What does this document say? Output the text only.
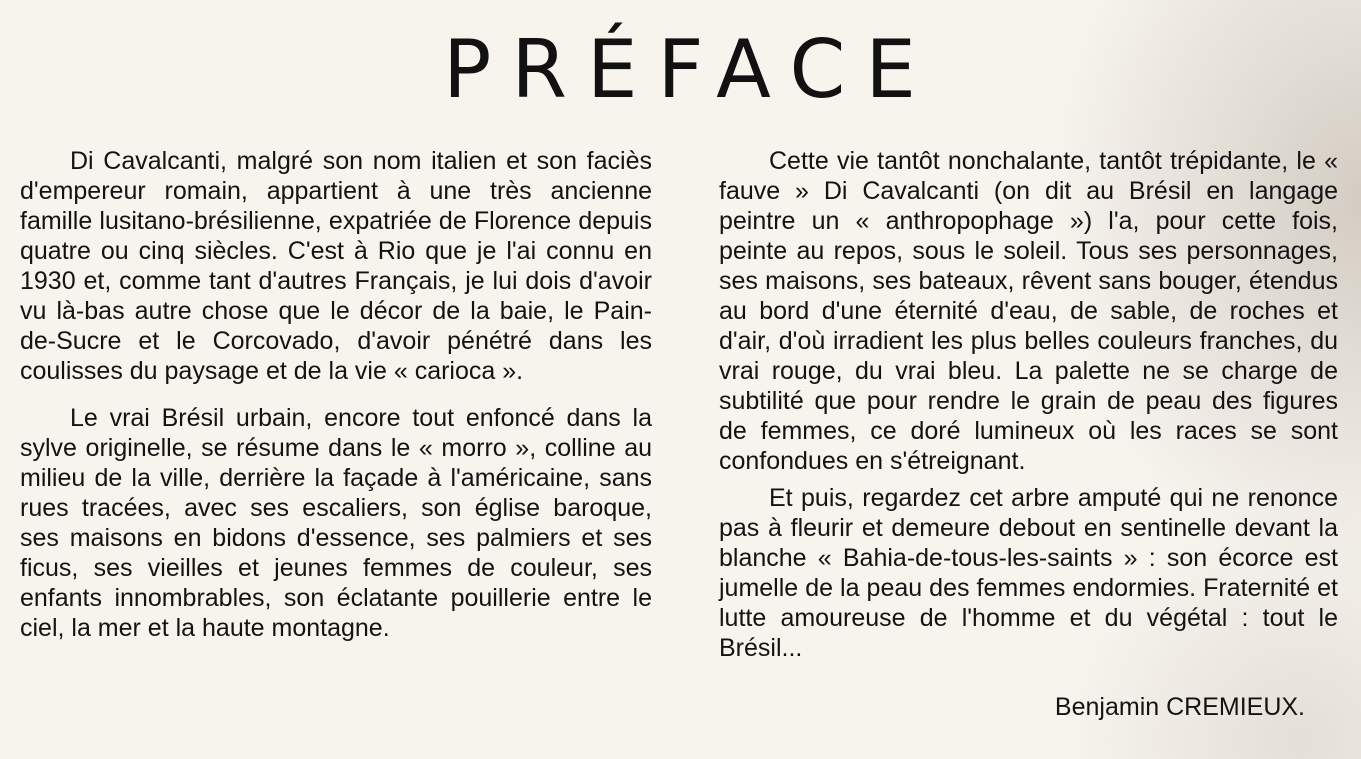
PRÉFACE

Di Cavalcanti, malgré son nom italien et son faciès d'empereur romain, appartient à une très ancienne famille lusitano-brésilienne, expatriée de Florence depuis quatre ou cinq siècles. C'est à Rio que je l'ai connu en 1930 et, comme tant d'autres Français, je lui dois d'avoir vu là-bas autre chose que le décor de la baie, le Pain-de-Sucre et le Corcovado, d'avoir pénétré dans les coulisses du paysage et de la vie « carioca ».

Le vrai Brésil urbain, encore tout enfoncé dans la sylve originelle, se résume dans le « morro », colline au milieu de la ville, derrière la façade à l'américaine, sans rues tracées, avec ses escaliers, son église baroque, ses maisons en bidons d'essence, ses palmiers et ses ficus, ses vieilles et jeunes femmes de couleur, ses enfants innombrables, son éclatante pouillerie entre le ciel, la mer et la haute montagne.

Cette vie tantôt nonchalante, tantôt trépidante, le « fauve » Di Cavalcanti (on dit au Brésil en langage peintre un « anthropophage ») l'a, pour cette fois, peinte au repos, sous le soleil. Tous ses personnages, ses maisons, ses bateaux, rêvent sans bouger, étendus au bord d'une éternité d'eau, de sable, de roches et d'air, d'où irradient les plus belles couleurs franches, du vrai rouge, du vrai bleu. La palette ne se charge de subtilité que pour rendre le grain de peau des figures de femmes, ce doré lumineux où les races se sont confondues en s'étreignant.

Et puis, regardez cet arbre amputé qui ne renonce pas à fleurir et demeure debout en sentinelle devant la blanche « Bahia-de-tous-les-saints » : son écorce est jumelle de la peau des femmes endormies. Fraternité et lutte amoureuse de l'homme et du végétal : tout le Brésil...

Benjamin CREMIEUX.
